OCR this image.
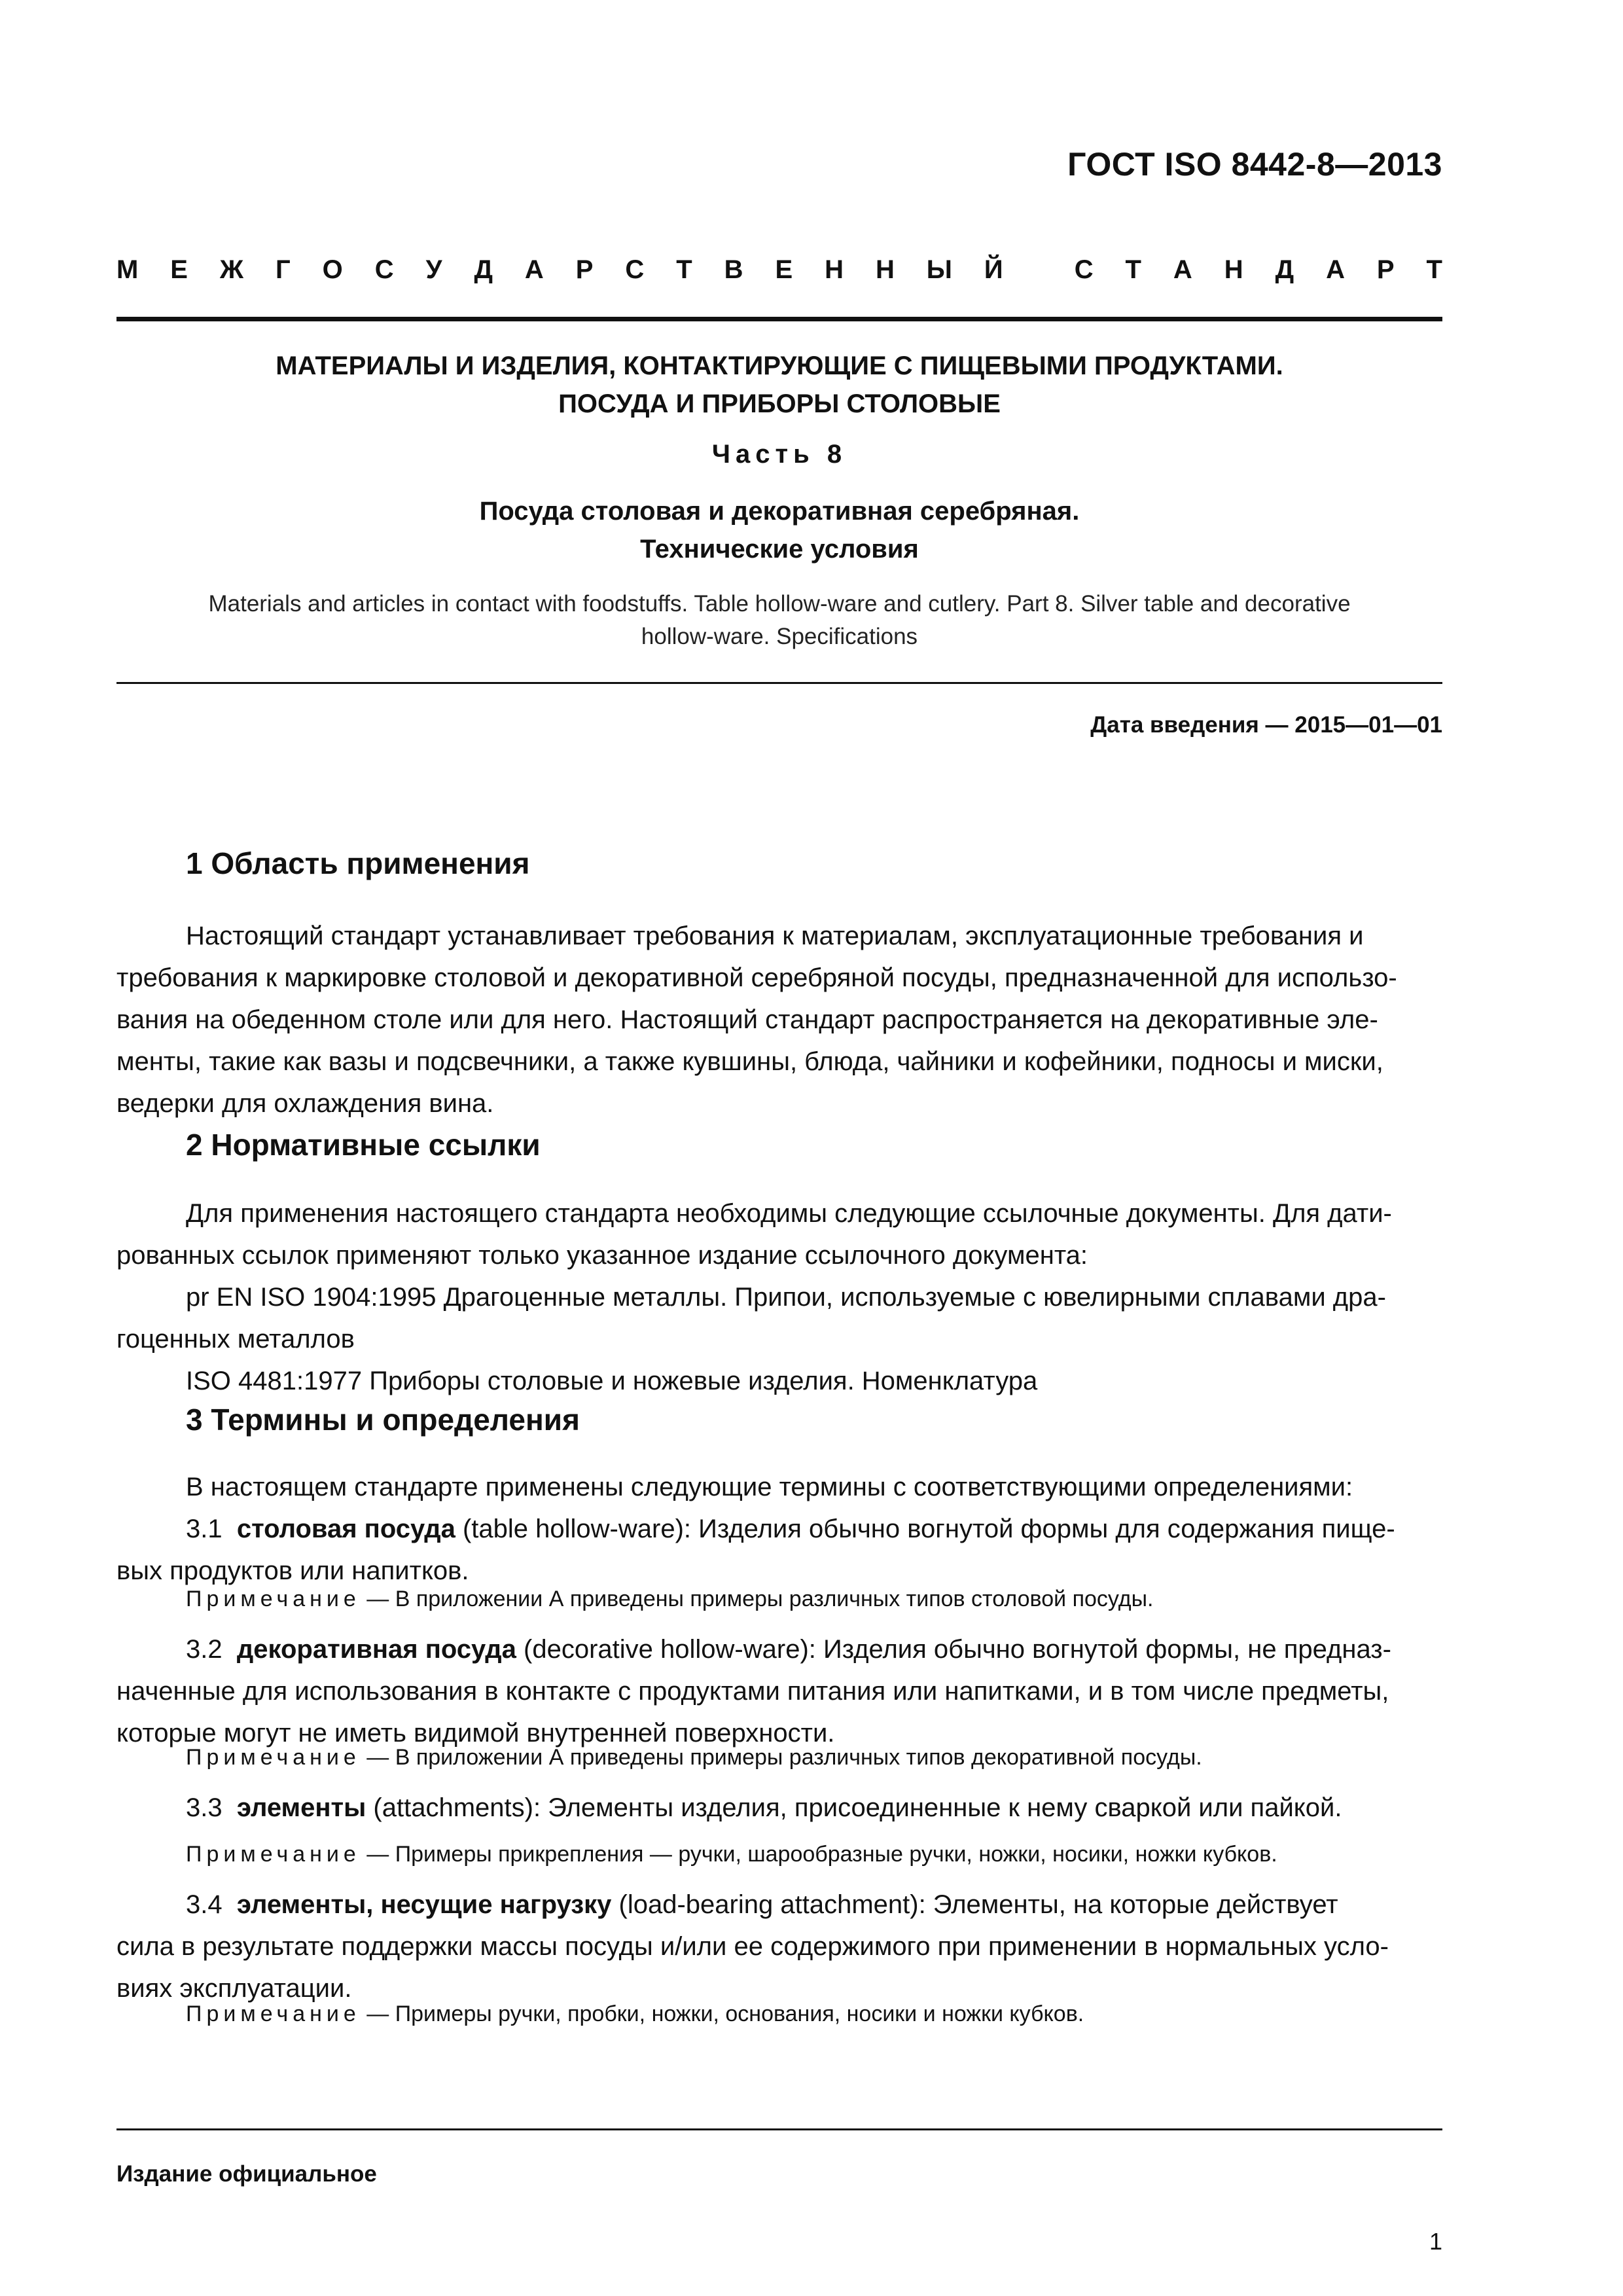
ГОСТ ISO 8442-8—2013
М Е Ж Г О С У Д А Р С Т В Е Н Н Ы Й
	С Т А Н Д А Р Т
МАТЕРИАЛЫ И ИЗДЕЛИЯ, КОНТАКТИРУЮЩИЕ С ПИЩЕВЫМИ ПРОДУКТАМИ.
ПОСУДА И ПРИБОРЫ СТОЛОВЫЕ
Часть 8
Посуда столовая и декоративная серебряная.
Технические условия
Materials and articles in contact with foodstuffs. Table hollow-ware and cutlery. Part 8. Silver table and decorative
hollow-ware. Specifications
Дата введения — 2015—01—01
1 Область применения
Настоящий стандарт устанавливает требования к материалам, эксплуатационные требования и
требования к маркировке столовой и декоративной серебряной посуды, предназначенной для использо-
вания на обеденном столе или для него. Настоящий стандарт распространяется на декоративные эле-
менты, такие как вазы и подсвечники, а также кувшины, блюда, чайники и кофейники, подносы и миски,
ведерки для охлаждения вина.
2 Нормативные ссылки
Для применения настоящего стандарта необходимы следующие ссылочные документы. Для дати-
рованных ссылок применяют только указанное издание ссылочного документа:
pr EN ISO 1904:1995 Драгоценные металлы. Припои, используемые с ювелирными сплавами дра-
гоценных металлов
ISO 4481:1977 Приборы столовые и ножевые изделия. Номенклатура
3 Термины и определения
В настоящем стандарте применены следующие термины с соответствующими определениями:
3.1 столовая посуда (table hollow-ware): Изделия обычно вогнутой формы для содержания пище-
вых продуктов или напитков.
Примечание — В приложении А приведены примеры различных типов столовой посуды.
3.2 декоративная посуда (decorative hollow-ware): Изделия обычно вогнутой формы, не предназ-
наченные для использования в контакте с продуктами питания или напитками, и в том числе предметы,
которые могут не иметь видимой внутренней поверхности.
Примечание — В приложении А приведены примеры различных типов декоративной посуды.
3.3 элементы (attachments): Элементы изделия, присоединенные к нему сваркой или пайкой.
Примечание — Примеры прикрепления — ручки, шарообразные ручки, ножки, носики, ножки кубков.
3.4 элементы, несущие нагрузку (load-bearing attachment): Элементы, на которые действует
сила в результате поддержки массы посуды и/или ее содержимого при применении в нормальных усло-
виях эксплуатации.
Примечание — Примеры ручки, пробки, ножки, основания, носики и ножки кубков.
Издание официальное
1
